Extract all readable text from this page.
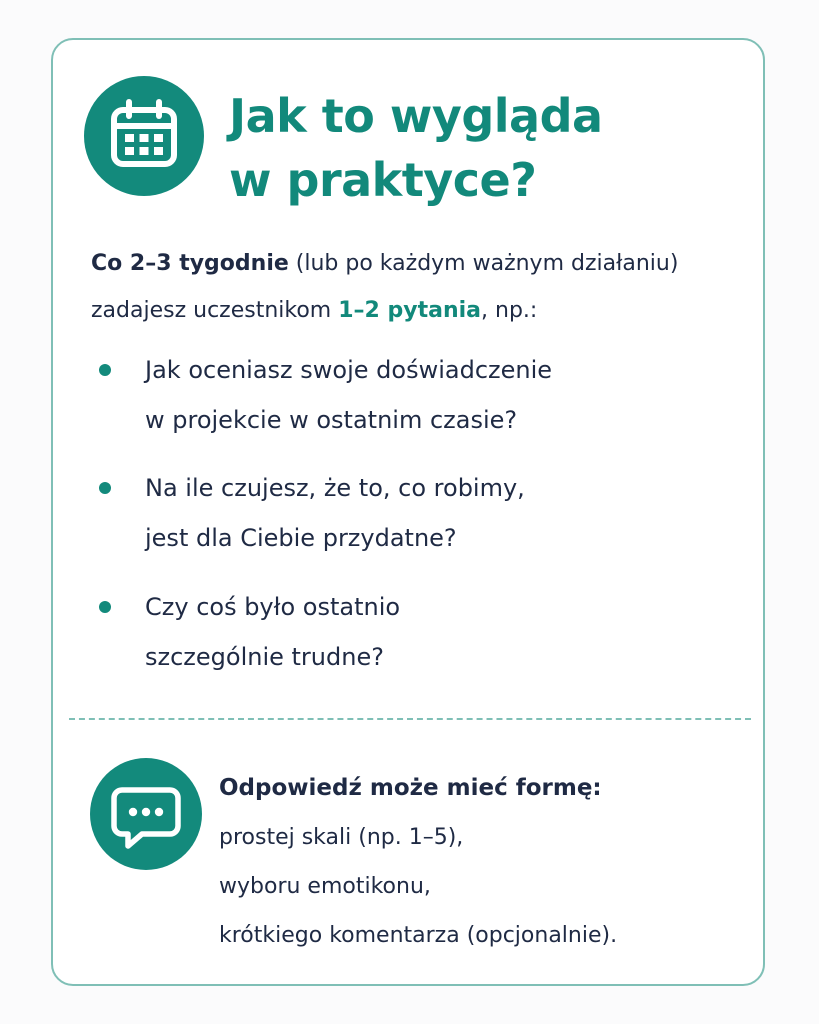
Jak to wygląda
w praktyce?
Co 2–3 tygodnie (lub po każdym ważnym działaniu)
zadajesz uczestnikom 1–2 pytania, np.:
Jak oceniasz swoje doświadczenie
w projekcie w ostatnim czasie?
Na ile czujesz, że to, co robimy,
jest dla Ciebie przydatne?
Czy coś było ostatnio
szczególnie trudne?
Odpowiedź może mieć formę:
prostej skali (np. 1–5),
wyboru emotikonu,
krótkiego komentarza (opcjonalnie).
